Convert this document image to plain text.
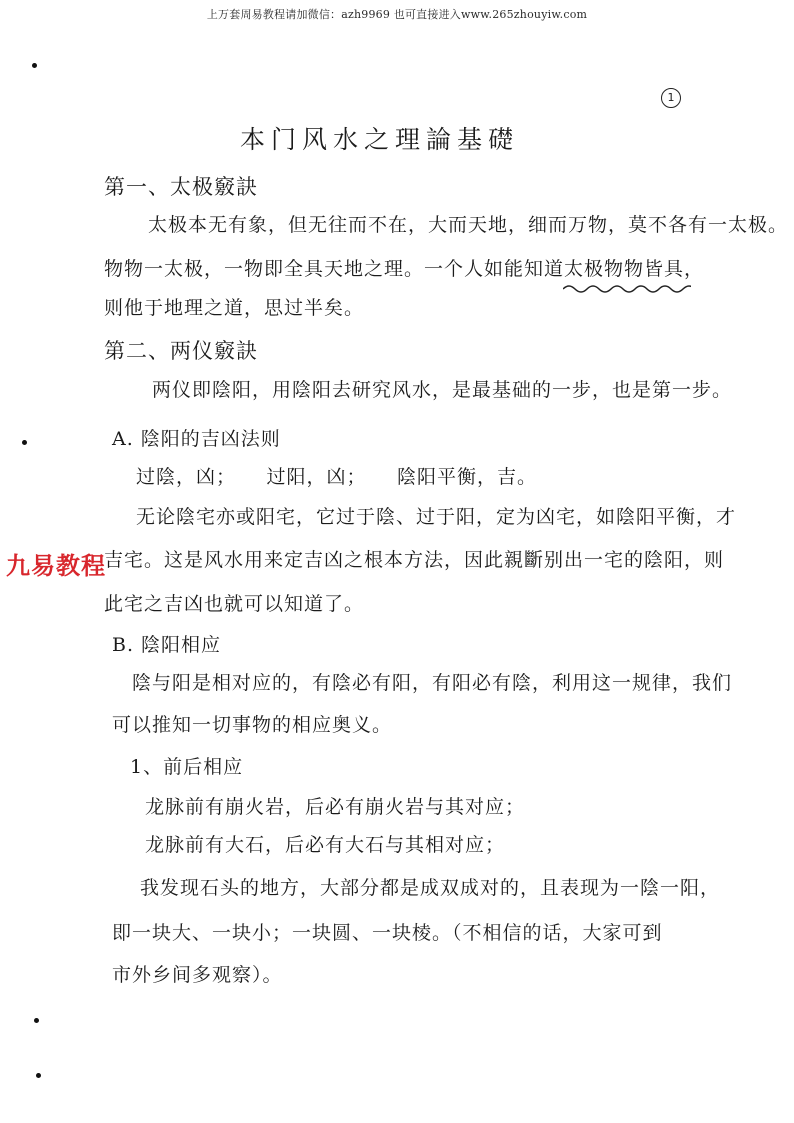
上万套周易教程请加微信：azh9969 也可直接进入www.265zhouyiw.com
1
本门风水之理論基礎
第一、太极竅訣
太极本无有象，但无往而不在，大而天地，细而万物，莫不各有一太极。
物物一太极，一物即全具天地之理。一个人如能知道太极物物皆具，
则他于地理之道，思过半矣。
第二、两仪竅訣
两仪即陰阳，用陰阳去研究风水，是最基础的一步，也是第一步。
A. 陰阳的吉凶法则
过陰，凶；　　过阳，凶；　　陰阳平衡，吉。
无论陰宅亦或阳宅，它过于陰、过于阳，定为凶宅，如陰阳平衡，才
吉宅。这是风水用来定吉凶之根本方法，因此親斷别出一宅的陰阳，则
此宅之吉凶也就可以知道了。
B. 陰阳相应
陰与阳是相对应的，有陰必有阳，有阳必有陰，利用这一规律，我们
可以推知一切事物的相应奥义。
1、前后相应
龙脉前有崩火岩，后必有崩火岩与其对应；
龙脉前有大石，后必有大石与其相对应；
我发现石头的地方，大部分都是成双成对的，且表现为一陰一阳，
即一块大、一块小；一块圆、一块棱。（不相信的话，大家可到
市外乡间多观察）。
九易教程
